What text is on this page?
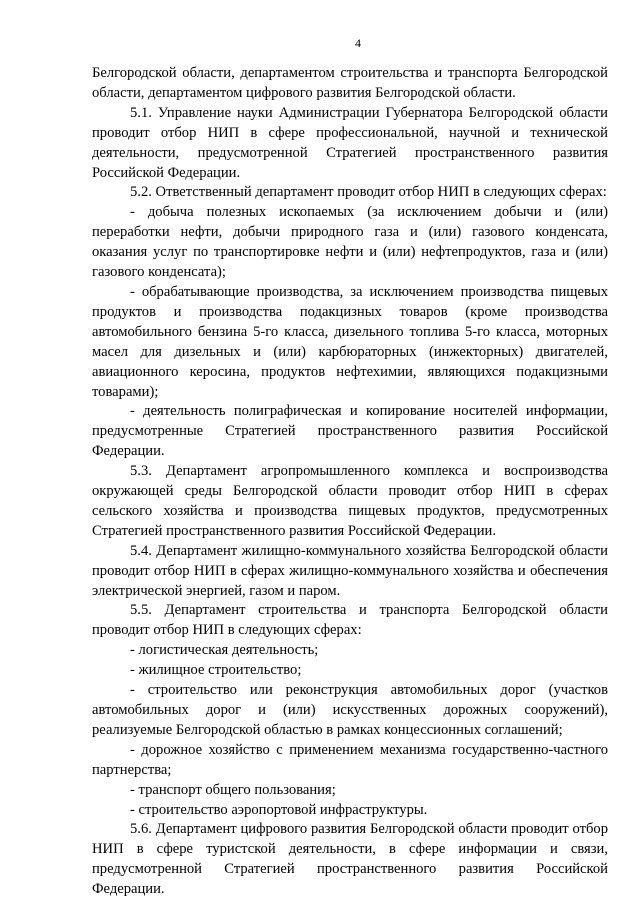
4

Белгородской области, департаментом строительства и транспорта Белгородской области, департаментом цифрового развития Белгородской области.

5.1. Управление науки Администрации Губернатора Белгородской области проводит отбор НИП в сфере профессиональной, научной и технической деятельности, предусмотренной Стратегией пространственного развития Российской Федерации.

5.2. Ответственный департамент проводит отбор НИП в следующих сферах:

- добыча полезных ископаемых (за исключением добычи и (или) переработки нефти, добычи природного газа и (или) газового конденсата, оказания услуг по транспортировке нефти и (или) нефтепродуктов, газа и (или) газового конденсата);

- обрабатывающие производства, за исключением производства пищевых продуктов и производства подакцизных товаров (кроме производства автомобильного бензина 5-го класса, дизельного топлива 5-го класса, моторных масел для дизельных и (или) карбюраторных (инжекторных) двигателей, авиационного керосина, продуктов нефтехимии, являющихся подакцизными товарами);

- деятельность полиграфическая и копирование носителей информации, предусмотренные Стратегией пространственного развития Российской Федерации.

5.3. Департамент агропромышленного комплекса и воспроизводства окружающей среды Белгородской области проводит отбор НИП в сферах сельского хозяйства и производства пищевых продуктов, предусмотренных Стратегией пространственного развития Российской Федерации.

5.4. Департамент жилищно-коммунального хозяйства Белгородской области проводит отбор НИП в сферах жилищно-коммунального хозяйства и обеспечения электрической энергией, газом и паром.

5.5. Департамент строительства и транспорта Белгородской области проводит отбор НИП в следующих сферах:

- логистическая деятельность;

- жилищное строительство;

- строительство или реконструкция автомобильных дорог (участков автомобильных дорог и (или) искусственных дорожных сооружений), реализуемые Белгородской областью в рамках концессионных соглашений;

- дорожное хозяйство с применением механизма государственно-частного партнерства;

- транспорт общего пользования;

- строительство аэропортовой инфраструктуры.

5.6. Департамент цифрового развития Белгородской области проводит отбор НИП в сфере туристской деятельности, в сфере информации и связи, предусмотренной Стратегией пространственного развития Российской Федерации.
